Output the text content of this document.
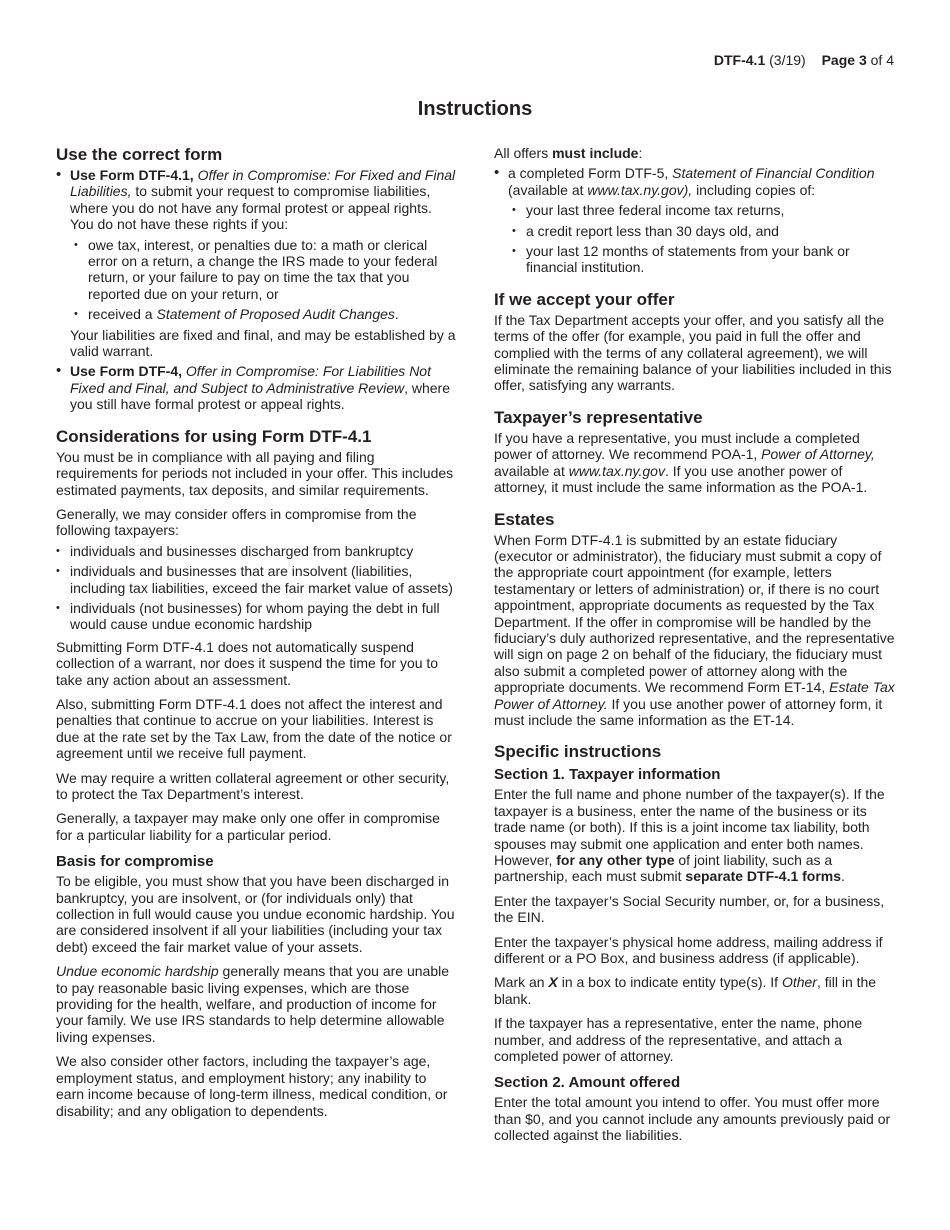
DTF-4.1 (3/19) Page 3 of 4
Instructions
Use the correct form
• Use Form DTF-4.1, Offer in Compromise: For Fixed and Final Liabilities, to submit your request to compromise liabilities, where you do not have any formal protest or appeal rights. You do not have these rights if you:
• owe tax, interest, or penalties due to: a math or clerical error on a return, a change the IRS made to your federal return, or your failure to pay on time the tax that you reported due on your return, or
• received a Statement of Proposed Audit Changes.
Your liabilities are fixed and final, and may be established by a valid warrant.
• Use Form DTF-4, Offer in Compromise: For Liabilities Not Fixed and Final, and Subject to Administrative Review, where you still have formal protest or appeal rights.
Considerations for using Form DTF-4.1

You must be in compliance with all paying and filing requirements for periods not included in your offer. This includes estimated payments, tax deposits, and similar requirements.

Generally, we may consider offers in compromise from the following taxpayers:

• individuals and businesses discharged from bankruptcy
• individuals and businesses that are insolvent (liabilities, including tax liabilities, exceed the fair market value of assets)
• individuals (not businesses) for whom paying the debt in full would cause undue economic hardship

Submitting Form DTF-4.1 does not automatically suspend collection of a warrant, nor does it suspend the time for you to take any action about an assessment.

Also, submitting Form DTF-4.1 does not affect the interest and penalties that continue to accrue on your liabilities. Interest is due at the rate set by the Tax Law, from the date of the notice or agreement until we receive full payment.

We may require a written collateral agreement or other security, to protect the Tax Department’s interest.

Generally, a taxpayer may make only one offer in compromise for a particular liability for a particular period.

Basis for compromise

To be eligible, you must show that you have been discharged in bankruptcy, you are insolvent, or (for individuals only) that collection in full would cause you undue economic hardship. You are considered insolvent if all your liabilities (including your tax debt) exceed the fair market value of your assets.

Undue economic hardship generally means that you are unable to pay reasonable basic living expenses, which are those providing for the health, welfare, and production of income for your family. We use IRS standards to help determine allowable living expenses.

We also consider other factors, including the taxpayer’s age, employment status, and employment history; any inability to earn income because of long-term illness, medical condition, or disability; and any obligation to dependents.

All offers must include:

• a completed Form DTF-5, Statement of Financial Condition (available at www.tax.ny.gov), including copies of:
• your last three federal income tax returns,
• a credit report less than 30 days old, and
• your last 12 months of statements from your bank or financial institution.
If we accept your offer

If the Tax Department accepts your offer, and you satisfy all the terms of the offer (for example, you paid in full the offer and complied with the terms of any collateral agreement), we will eliminate the remaining balance of your liabilities included in this offer, satisfying any warrants.

Taxpayer’s representative

If you have a representative, you must include a completed power of attorney. We recommend POA-1, Power of Attorney, available at www.tax.ny.gov. If you use another power of attorney, it must include the same information as the POA-1.

Estates

When Form DTF-4.1 is submitted by an estate fiduciary (executor or administrator), the fiduciary must submit a copy of the appropriate court appointment (for example, letters testamentary or letters of administration) or, if there is no court appointment, appropriate documents as requested by the Tax Department. If the offer in compromise will be handled by the fiduciary’s duly authorized representative, and the representative will sign on page 2 on behalf of the fiduciary, the fiduciary must also submit a completed power of attorney along with the appropriate documents. We recommend Form ET-14, Estate Tax Power of Attorney. If you use another power of attorney form, it must include the same information as the ET-14.

Specific instructions
Section 1. Taxpayer information

Enter the full name and phone number of the taxpayer(s). If the taxpayer is a business, enter the name of the business or its trade name (or both). If this is a joint income tax liability, both spouses may submit one application and enter both names. However, for any other type of joint liability, such as a partnership, each must submit separate DTF-4.1 forms.

Enter the taxpayer’s Social Security number, or, for a business, the EIN.

Enter the taxpayer’s physical home address, mailing address if different or a PO Box, and business address (if applicable).

Mark an X in a box to indicate entity type(s). If Other, fill in the blank.

If the taxpayer has a representative, enter the name, phone number, and address of the representative, and attach a completed power of attorney.

Section 2. Amount offered

Enter the total amount you intend to offer. You must offer more than $0, and you cannot include any amounts previously paid or collected against the liabilities.
